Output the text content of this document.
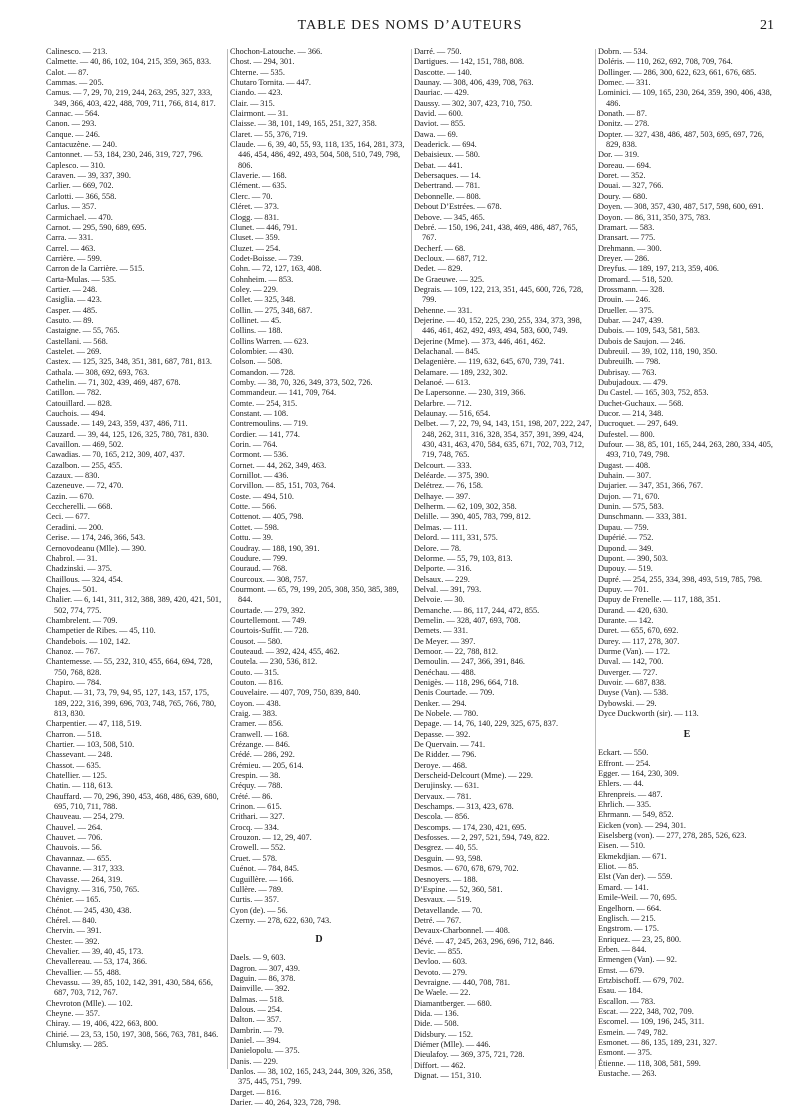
TABLE DES NOMS D’AUTEURS	21
Calinesco. — 213.
Calmette. — 40, 86, 102, 104, 215, 359, 365, 833.
Calot. — 87.
Cammas. — 205.
Camus. — 7, 29, 70, 219, 244, 263, 295, 327, 333, 349, 366, 403, 422, 488, 709, 711, 766, 814, 817.
Cannac. — 564.
Canon. — 293.
Canque. — 246.
Cantacuzène. — 240.
Cantonnet. — 53, 184, 230, 246, 319, 727, 796.
Caplesco. — 310.
Caraven. — 39, 337, 390.
Carlier. — 669, 702.
Carlotti. — 366, 558.
Carlus. — 357.
Carmichael. — 470.
Carnot. — 295, 590, 689, 695.
Carra. — 331.
Carrel. — 463.
Carrière. — 599.
Carron de la Carrière. — 515.
Carta-Mulas. — 535.
Cartier. — 248.
Casiglia. — 423.
Casper. — 485.
Casuto. — 89.
Castaigne. — 55, 765.
Castellani. — 568.
Castelet. — 269.
Castex. — 125, 325, 348, 351, 381, 687, 781, 813.
Cathala. — 308, 692, 693, 763.
Cathelin. — 71, 302, 439, 469, 487, 678.
Catillon. — 782.
Catouillard. — 828.
Cauchois. — 494.
Caussade. — 149, 243, 359, 437, 486, 711.
Cauzard. — 39, 44, 125, 126, 325, 780, 781, 830.
Cavaillon. — 469, 502.
Cawadias. — 70, 165, 212, 309, 407, 437.
Cazalbon. — 255, 455.
Cazaux. — 830.
Cazeneuve. — 72, 470.
Cazin. — 670.
Ceccherelli. — 668.
Ceci. — 677.
Ceradini. — 200.
Cerise. — 174, 246, 366, 543.
Cernovodeanu (Mlle). — 390.
Chabrol. — 31.
Chadzinski. — 375.
Chaillous. — 324, 454.
Chajes. — 501.
Chalier. — 6, 141, 311, 312, 388, 389, 420, 421, 501, 502, 774, 775.
Chambrelent. — 709.
Champetier de Ribes. — 45, 110.
Chandebois. — 102, 142.
Chanoz. — 767.
Chantemesse. — 55, 232, 310, 455, 664, 694, 728, 750, 768, 828.
Chapiro. — 784.
Chaput. — 31, 73, 79, 94, 95, 127, 143, 157, 175, 189, 222, 316, 399, 696, 703, 748, 765, 766, 780, 813, 830.
Charpentier. — 47, 118, 519.
Charron. — 518.
Chartier. — 103, 508, 510.
Chassevant. — 248.
Chassot. — 635.
Chatellier. — 125.
Chatin. — 118, 613.
Chauffard. — 70, 296, 390, 453, 468, 486, 639, 680, 695, 710, 711, 788.
Chauveau. — 254, 279.
Chauvel. — 264.
Chauvet. — 706.
Chauvois. — 56.
Chavannaz. — 655.
Chavanne. — 317, 333.
Chavasse. — 264, 319.
Chavigny. — 316, 750, 765.
Chénier. — 165.
Chénot. — 245, 430, 438.
Chérel. — 840.
Chervin. — 391.
Chester. — 392.
Chevalier. — 39, 40, 45, 173.
Chevallereau. — 53, 174, 366.
Chevallier. — 55, 488.
Chevassu. — 39, 85, 102, 142, 391, 430, 584, 656, 687, 703, 712, 767.
Chevroton (Mlle). — 102.
Cheyne. — 357.
Chiray. — 19, 406, 422, 663, 800.
Chirié. — 23, 53, 150, 197, 308, 566, 763, 781, 846.
Chlumsky. — 285.
Chochon-Latouche. — 366.
Chost. — 294, 301.
Chterne. — 535.
Chutaro Tornita. — 447.
Ciando. — 423.
Clair. — 315.
Clairmont. — 31.
Claisse. — 38, 101, 149, 165, 251, 327, 358.
Claret. — 55, 376, 719.
Claude. — 6, 39, 40, 55, 93, 118, 135, 164, 281, 373, 446, 454, 486, 492, 493, 504, 508, 510, 749, 798, 806.
Claverie. — 168.
Clément. — 635.
Clerc. — 70.
Cléret. — 373.
Clogg. — 831.
Clunet. — 446, 791.
Cluset. — 359.
Cluzet. — 254.
Codet-Boisse. — 739.
Cohn. — 72, 127, 163, 408.
Cohnheim. — 853.
Coley. — 229.
Collet. — 325, 348.
Collin. — 275, 348, 687.
Collinet. — 45.
Collins. — 188.
Collins Warren. — 623.
Colombier. — 430.
Colson. — 508.
Comandon. — 728.
Comby. — 38, 70, 326, 349, 373, 502, 726.
Commandeur. — 141, 709, 764.
Comte. — 254, 315.
Constant. — 108.
Contremoulins. — 719.
Cordier. — 141, 774.
Corin. — 764.
Cormont. — 536.
Cornet. — 44, 262, 349, 463.
Cornillot. — 436.
Corvillon. — 85, 151, 703, 764.
Coste. — 494, 510.
Cotte. — 566.
Cottenot. — 405, 798.
Cottet. — 598.
Cottu. — 39.
Coudray. — 188, 190, 391.
Coudure. — 799.
Couraud. — 768.
Courcoux. — 308, 757.
Courmont. — 65, 79, 199, 205, 308, 350, 385, 389, 844.
Courtade. — 279, 392.
Courtellemont. — 749.
Courtois-Suffit. — 728.
Cousot. — 580.
Couteaud. — 392, 424, 455, 462.
Coutela. — 230, 536, 812.
Couto. — 315.
Couton. — 816.
Couvelaire. — 407, 709, 750, 839, 840.
Coyon. — 438.
Craig. — 383.
Cramer. — 856.
Cranwell. — 168.
Crézange. — 846.
Crédé. — 286, 292.
Crémieu. — 205, 614.
Crespin. — 38.
Créquy. — 788.
Crété. — 86.
Crinon. — 615.
Crithari. — 327.
Crocq. — 334.
Crouzon. — 12, 29, 407.
Crowell. — 552.
Cruet. — 578.
Cuénot. — 784, 845.
Cuguillère. — 166.
Cullère. — 789.
Curtis. — 357.
Cyon (de). — 56.
Czerny. — 278, 622, 630, 743.
D
Daels. — 9, 603.
Dagron. — 307, 439.
Daguin. — 86, 378.
Dainville. — 392.
Dalmas. — 518.
Dalous. — 254.
Dalton. — 357.
Dambrin. — 79.
Daniel. — 394.
Danielopolu. — 375.
Danis. — 229.
Danlos. — 38, 102, 165, 243, 244, 309, 326, 358, 375, 445, 751, 799.
Darget. — 816.
Darier. — 40, 264, 323, 728, 798.
Darré. — 750.
Dartigues. — 142, 151, 788, 808.
Dascotte. — 140.
Daunay. — 308, 406, 439, 708, 763.
Dauriac. — 429.
Daussy. — 302, 307, 423, 710, 750.
David. — 600.
Daviot. — 855.
Dawa. — 69.
Deaderick. — 694.
Debaisieux. — 580.
Debat. — 441.
Debersaques. — 14.
Debertrand. — 781.
Debonnelle. — 808.
Debout D’Estrées. — 678.
Debove. — 345, 465.
Debré. — 150, 196, 241, 438, 469, 486, 487, 765, 767.
Decherf. — 68.
Decloux. — 687, 712.
Dedet. — 829.
De Graeuwe. — 325.
Degrais. — 109, 122, 213, 351, 445, 600, 726, 728, 799.
Dehenne. — 331.
Dejerine. — 40, 152, 225, 230, 255, 334, 373, 398, 446, 461, 462, 492, 493, 494, 583, 600, 749.
Dejerine (Mme). — 373, 446, 461, 462.
Delachanal. — 845.
Delagenière. — 119, 632, 645, 670, 739, 741.
Delamare. — 189, 232, 302.
Delanoé. — 613.
De Lapersonne. — 230, 319, 366.
Delarbre. — 712.
Delaunay. — 516, 654.
Delbet. — 7, 22, 79, 94, 143, 151, 198, 207, 222, 247, 248, 262, 311, 316, 328, 354, 357, 391, 399, 424, 430, 431, 463, 470, 584, 635, 671, 702, 703, 712, 719, 748, 765.
Delcourt. — 333.
Deléarde. — 375, 390.
Delétrez. — 76, 158.
Delhaye. — 397.
Delherm. — 62, 109, 302, 358.
Delille. — 390, 405, 783, 799, 812.
Delmas. — 111.
Delord. — 111, 331, 575.
Delore. — 78.
Delorme. — 55, 79, 103, 813.
Delporte. — 316.
Delsaux. — 229.
Delval. — 391, 793.
Delvoie. — 30.
Demanche. — 86, 117, 244, 472, 855.
Demelin. — 328, 407, 693, 708.
Demets. — 331.
De Meyer. — 397.
Demoor. — 22, 788, 812.
Demoulin. — 247, 366, 391, 846.
Denéchau. — 488.
Denigès. — 118, 296, 664, 718.
Denis Courtade. — 709.
Denker. — 294.
De Nobele. — 780.
Depage. — 14, 76, 140, 229, 325, 675, 837.
Depasse. — 392.
De Quervain. — 741.
De Ridder. — 796.
Deroye. — 468.
Derscheid-Delcourt (Mme). — 229.
Derujinsky. — 631.
Dervaux. — 781.
Deschamps. — 313, 423, 678.
Descola. — 856.
Descomps. — 174, 230, 421, 695.
Desfosses. — 2, 297, 521, 594, 749, 822.
Desgrez. — 40, 55.
Desguin. — 93, 598.
Desmos. — 670, 678, 679, 702.
Desnoyers. — 188.
D’Espine. — 52, 360, 581.
Desvaux. — 519.
Detavellande. — 70.
Detré. — 767.
Devaux-Charbonnel. — 408.
Dévé. — 47, 245, 263, 296, 696, 712, 846.
Devic. — 855.
Devloo. — 603.
Devoto. — 279.
Devraigne. — 440, 708, 781.
De Waele. — 22.
Diamantberger. — 680.
Dida. — 136.
Dide. — 508.
Didsbury. — 152.
Diémer (Mlle). — 446.
Dieulafoy. — 369, 375, 721, 728.
Diffort. — 462.
Dignat. — 151, 310.
Dobrn. — 534.
Doléris. — 110, 262, 692, 708, 709, 764.
Dollinger. — 286, 300, 622, 623, 661, 676, 685.
Domec. — 331.
Lominici. — 109, 165, 230, 264, 359, 390, 406, 438, 486.
Donath. — 87.
Donitz. — 278.
Dopter. — 327, 438, 486, 487, 503, 695, 697, 726, 829, 838.
Dor. — 319.
Doreau. — 694.
Doret. — 352.
Douai. — 327, 766.
Doury. — 680.
Doyen. — 308, 357, 430, 487, 517, 598, 600, 691.
Doyon. — 86, 311, 350, 375, 783.
Dramart. — 583.
Dransart. — 775.
Drehmann. — 300.
Dreyer. — 286.
Dreyfus. — 189, 197, 213, 359, 406.
Dromard. — 518, 520.
Drossmann. — 328.
Drouin. — 246.
Drueller. — 375.
Dubar. — 247, 439.
Dubois. — 109, 543, 581, 583.
Dubois de Saujon. — 246.
Dubreuil. — 39, 102, 118, 190, 350.
Dubreuilh. — 798.
Dubrisay. — 763.
Dubujadoux. — 479.
Du Castel. — 165, 303, 752, 853.
Duchet-Guchaux. — 568.
Ducor. — 214, 348.
Ducroquet. — 297, 649.
Dufestel. — 800.
Dufour. — 38, 85, 101, 165, 244, 263, 280, 334, 405, 493, 710, 749, 798.
Dugast. — 408.
Duhain. — 307.
Dujarier. — 347, 351, 366, 767.
Dujon. — 71, 670.
Dunin. — 575, 583.
Dunschmann. — 333, 381.
Dupau. — 759.
Dupérié. — 752.
Dupond. — 349.
Dupont. — 390, 503.
Dupouy. — 519.
Dupré. — 254, 255, 334, 398, 493, 519, 785, 798.
Dupuy. — 701.
Dupuy de Frenelle. — 117, 188, 351.
Durand. — 420, 630.
Durante. — 142.
Duret. — 655, 670, 692.
Durey. — 117, 278, 307.
Durme (Van). — 172.
Duval. — 142, 700.
Duverger. — 727.
Duvoir. — 687, 838.
Duyse (Van). — 538.
Dybowski. — 29.
Dyce Duckworth (sir). — 113.
E
Eckart. — 550.
Effront. — 254.
Egger. — 164, 230, 309.
Ehlers. — 44.
Ehrenpreis. — 487.
Ehrlich. — 335.
Ehrmann. — 549, 852.
Eicken (von). — 294, 301.
Eiselsberg (von). — 277, 278, 285, 526, 623.
Eisen. — 510.
Ekmekdjian. — 671.
Eliot. — 85.
Elst (Van der). — 559.
Emard. — 141.
Emile-Weil. — 70, 695.
Engelhorn. — 664.
Englisch. — 215.
Engstrom. — 175.
Enriquez. — 23, 25, 800.
Erben. — 844.
Ermengen (Van). — 92.
Ernst. — 679.
Ertzbischoff. — 679, 702.
Esau. — 184.
Escallon. — 783.
Escat. — 222, 348, 702, 709.
Escomel. — 109, 196, 245, 311.
Esmein. — 749, 782.
Esmonet. — 86, 135, 189, 231, 327.
Esmont. — 375.
Étienne. — 118, 308, 581, 599.
Eustache. — 263.
